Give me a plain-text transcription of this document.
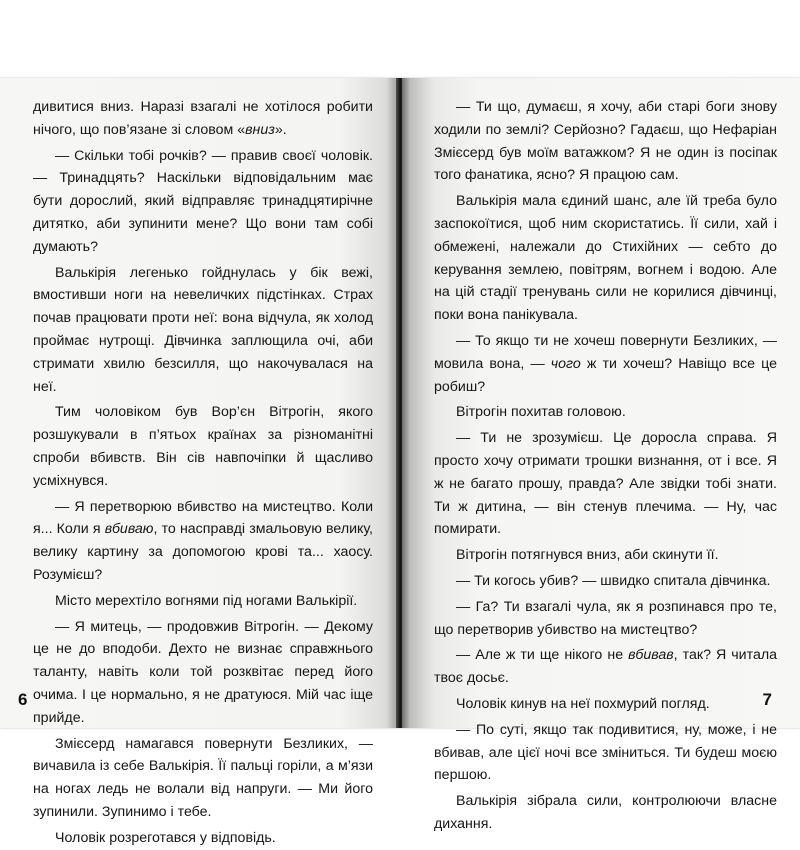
дивитися вниз. Наразі взагалі не хотілося робити нічого, що пов’язане зі словом «вниз».

— Скільки тобі рочків? — правив своєї чоловік. — Тринадцять? Наскільки відповідальним має бути дорослий, який відправляє тринадцятирічне дитятко, аби зупинити мене? Що вони там собі думають?

Валькірія легенько гойднулась у бік вежі, вмостивши ноги на невеличких підстінках. Страх почав працювати проти неї: вона відчула, як холод проймає нутрощі. Дівчинка заплющила очі, аби стримати хвилю безсилля, що накочувалася на неї.

Тим чоловіком був Вор’єн Вітрогін, якого розшукували в п’ятьох країнах за різноманітні спроби вбивств. Він сів навпочіпки й щасливо усміхнувся.

— Я перетворюю вбивство на мистецтво. Коли я... Коли я вбиваю, то насправді змальовую велику, велику картину за допомогою крові та... хаосу. Розумієш?

Місто мерехтіло вогнями під ногами Валькірії.

— Я митець, — продовжив Вітрогін. — Декому це не до вподоби. Дехто не визнає справжнього таланту, навіть коли той розквітає перед його очима. І це нормально, я не дратуюся. Мій час іще прийде.

Змієсерд намагався повернути Безликих, — вичавила із себе Валькірія. Її пальці горіли, а м’язи на ногах ледь не волали від напруги. — Ми його зупинили. Зупинимо і тебе.

Чоловік розреготався у відповідь.

6

— Ти що, думаєш, я хочу, аби старі боги знову ходили по землі? Серйозно? Гадаєш, що Нефаріан Змієсерд був моїм ватажком? Я не один із посіпак того фанатика, ясно? Я працюю сам.

Валькірія мала єдиний шанс, але їй треба було заспокоїтися, щоб ним скористатись. Її сили, хай і обмежені, належали до Стихійних — себто до керування землею, повітрям, вогнем і водою. Але на цій стадії тренувань сили не корилися дівчинці, поки вона панікувала.

— То якщо ти не хочеш повернути Безликих, — мовила вона, — чого ж ти хочеш? Навіщо все це робиш?

Вітрогін похитав головою.

— Ти не зрозумієш. Це доросла справа. Я просто хочу отримати трошки визнання, от і все. Я ж не багато прошу, правда? Але звідки тобі знати. Ти ж дитина, — він стенув плечима. — Ну, час помирати.

Вітрогін потягнувся вниз, аби скинути її.

— Ти когось убив? — швидко спитала дівчинка.

— Га? Ти взагалі чула, як я розпинався про те, що перетворив убивство на мистецтво?

— Але ж ти ще нікого не вбивав, так? Я читала твоє досьє.

Чоловік кинув на неї похмурий погляд.

— По суті, якщо так подивитися, ну, може, і не вбивав, але цієї ночі все зміниться. Ти будеш моєю першою.

Валькірія зібрала сили, контролюючи власне дихання.

7
